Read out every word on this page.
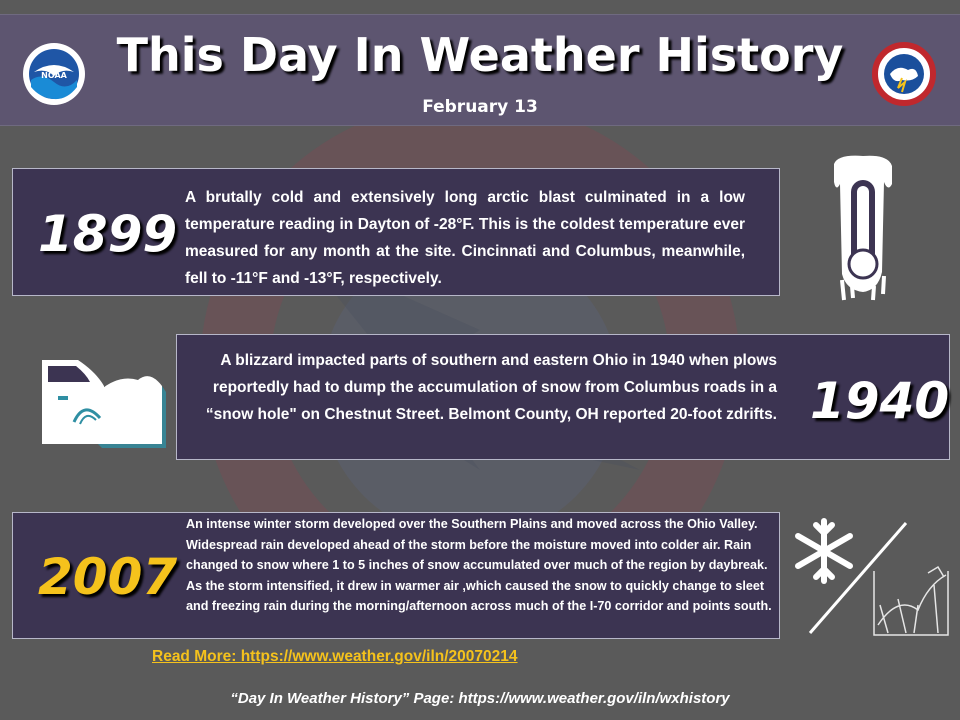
NOAA	This Day In Weather History
February 13
1899
A brutally cold and extensively long arctic blast culminated in a low temperature reading in Dayton of -28°F. This is the coldest temperature ever measured for any month at the site. Cincinnati and Columbus, meanwhile, fell to -11°F and -13°F, respectively.
1940
A blizzard impacted parts of southern and eastern Ohio in 1940 when plows reportedly had to dump the accumulation of snow from Columbus roads in a “snow hole" on Chestnut Street. Belmont County, OH reported 20-foot zdrifts.
2007
An intense winter storm developed over the Southern Plains and moved across the Ohio Valley. Widespread rain developed ahead of the storm before the moisture moved into colder air. Rain changed to snow where 1 to 5 inches of snow accumulated over much of the region by daybreak. As the storm intensified, it drew in warmer air ,which caused the snow to quickly change to sleet and freezing rain during the morning/afternoon across much of the I-70 corridor and points south.
Read More: https://www.weather.gov/iln/20070214
“Day In Weather History” Page: https://www.weather.gov/iln/wxhistory
